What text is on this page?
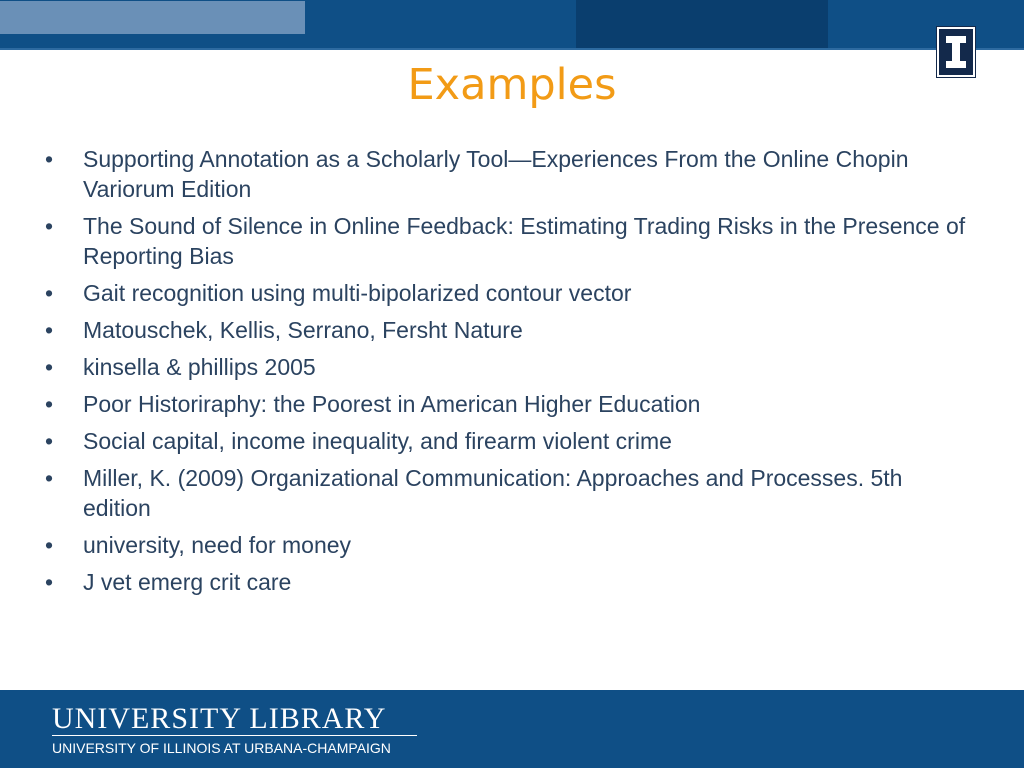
Examples
•	Supporting Annotation as a Scholarly Tool—Experiences From the Online Chopin Variorum Edition
•	The Sound of Silence in Online Feedback: Estimating Trading Risks in the Presence of Reporting Bias
•	Gait recognition using multi-bipolarized contour vector
•	Matouschek, Kellis, Serrano, Fersht Nature
•	kinsella & phillips 2005
•	Poor Historiraphy: the Poorest in American Higher Education
•	Social capital, income inequality, and firearm violent crime
•	Miller, K. (2009) Organizational Communication: Approaches and Processes. 5th edition
•	university, need for money
•	J vet emerg crit care
UNIVERSITY LIBRARY
UNIVERSITY OF ILLINOIS AT URBANA-CHAMPAIGN
